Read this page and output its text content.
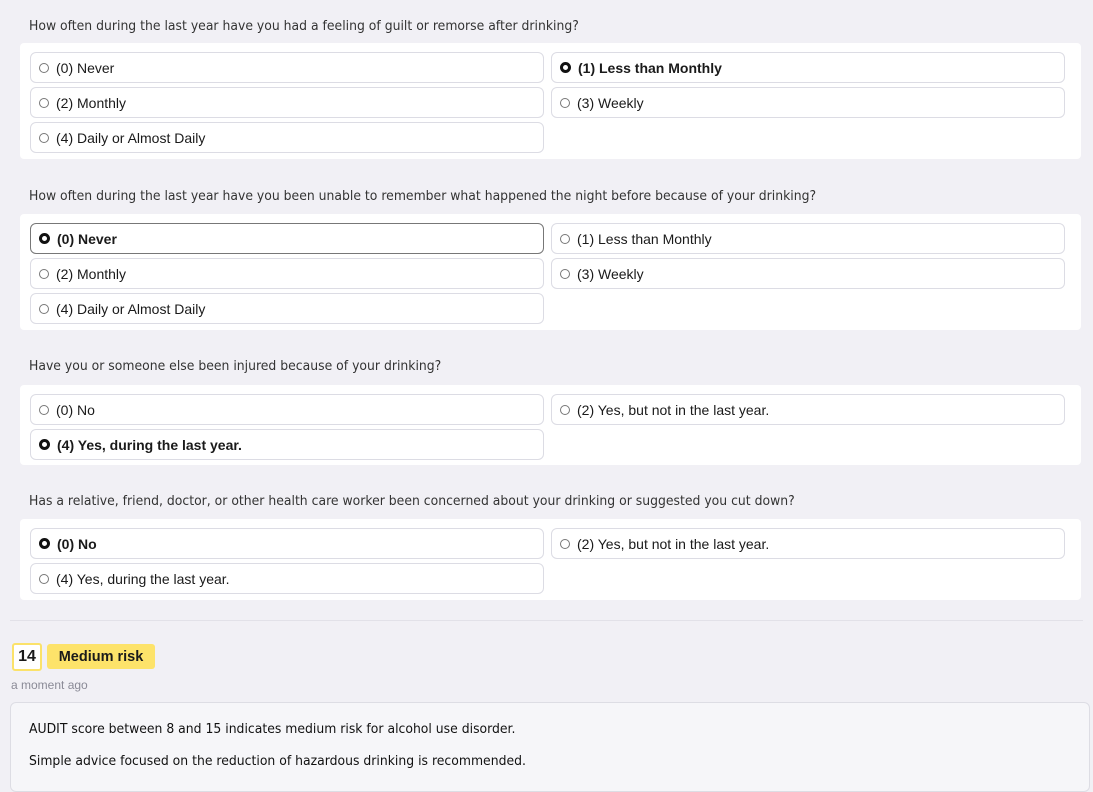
How often during the last year have you had a feeling of guilt or remorse after drinking?
(0) Never	(1) Less than Monthly
(2) Monthly	(3) Weekly
(4) Daily or Almost Daily
How often during the last year have you been unable to remember what happened the night before because of your drinking?
(0) Never	(1) Less than Monthly
(2) Monthly	(3) Weekly
(4) Daily or Almost Daily
Have you or someone else been injured because of your drinking?
(0) No	(2) Yes, but not in the last year.
(4) Yes, during the last year.
Has a relative, friend, doctor, or other health care worker been concerned about your drinking or suggested you cut down?
(0) No	(2) Yes, but not in the last year.
(4) Yes, during the last year.
14	Medium risk
a moment ago

AUDIT score between 8 and 15 indicates medium risk for alcohol use disorder.

Simple advice focused on the reduction of hazardous drinking is recommended.
